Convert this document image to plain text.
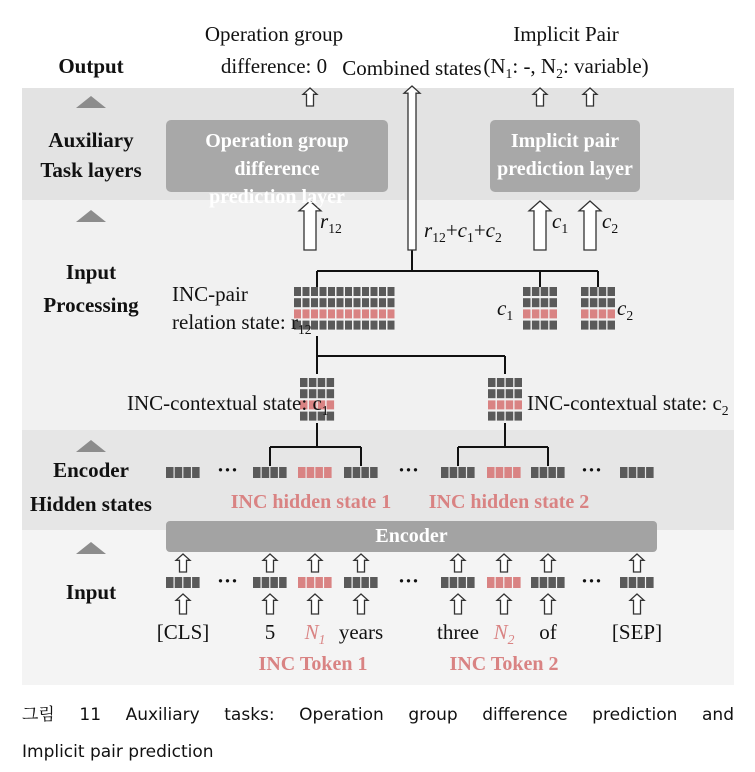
Output
Auxiliary
Task layers
Input
Processing
Encoder
Hidden states
Input
Operation group
difference: 0 Combined states
Implicit Pair
($N_1$: -, $N_2$: variable)
Operation group difference
prediction layer
Implicit pair
prediction layer
$r_{12}$	$r_{12}+c_1+c_2$
$c_1$ $c_2$
$c_1$	$c_2$
INC-pair
relation state: $r_{12}$
INC-contextual state: $c_1$	INC-contextual state: $c_2$
INC hidden state 1 INC hidden state 2
Encoder
···	···	···
···	···	···
[CLS]	5 $N_1$ years	three $N_2$ of	[SEP]
INC Token 1	INC Token 2
그림 11 Auxiliary tasks: Operation group difference prediction and
Implicit pair prediction
